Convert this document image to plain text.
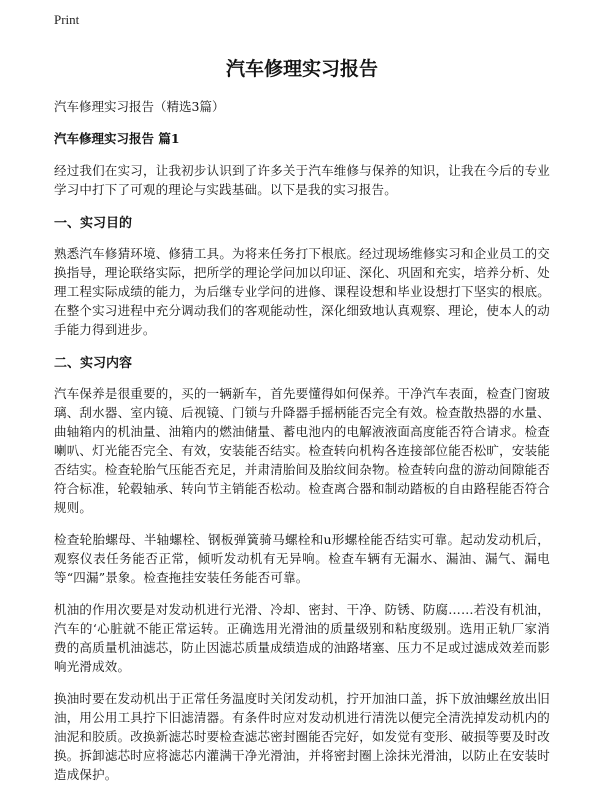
Print
汽车修理实习报告
汽车修理实习报告（精选3篇）
汽车修理实习报告 篇1

经过我们在实习，让我初步认识到了许多关于汽车维修与保养的知识，让我在今后的专业学习中打下了可观的理论与实践基础。以下是我的实习报告。

一、实习目的

熟悉汽车修猜环境、修猜工具。为将来任务打下根底。经过现场维修实习和企业员工的交换指导，理论联络实际，把所学的理论学问加以印证、深化、巩固和充实，培养分析、处理工程实际成绩的能力，为后继专业学问的进修、课程设想和毕业设想打下坚实的根底。在整个实习进程中充分调动我们的客观能动性，深化细致地认真观察、理论，使本人的动手能力得到进步。

二、实习内容

汽车保养是很重要的，买的一辆新车，首先要懂得如何保养。干净汽车表面，检查门窗玻璃、刮水器、室内镜、后视镜、门锁与升降器手摇柄能否完全有效。检查散热器的水量、曲轴箱内的机油量、油箱内的燃油储量、蓄电池内的电解液液面高度能否符合请求。检查喇叭、灯光能否完全、有效，安装能否结实。检查转向机构各连接部位能否松旷，安装能否结实。检查轮胎气压能否充足，并肃清胎间及胎纹间杂物。检查转向盘的游动间隙能否符合标准，轮毂轴承、转向节主销能否松动。检查离合器和制动踏板的自由路程能否符合规则。

检查轮胎螺母、半轴螺栓、钢板弹簧骑马螺栓和u形螺栓能否结实可靠。起动发动机后，观察仪表任务能否正常，倾听发动机有无异响。检查车辆有无漏水、漏油、漏气、漏电等“四漏”景象。检查拖挂安装任务能否可靠。

机油的作用次要是对发动机进行光滑、冷却、密封、干净、防锈、防腐……若没有机油，汽车的‘心脏就不能正常运转。正确选用光滑油的质量级别和粘度级别。选用正轨厂家消费的高质量机油滤芯，防止因滤芯质量成绩造成的油路堵塞、压力不足或过滤成效差而影响光滑成效。

换油时要在发动机出于正常任务温度时关闭发动机，拧开加油口盖，拆下放油螺丝放出旧油，用公用工具拧下旧滤清器。有条件时应对发动机进行清洗以便完全清洗掉发动机内的油泥和胶质。改换新滤芯时要检查滤芯密封圈能否完好，如发觉有变形、破损等要及时改换。拆卸滤芯时应将滤芯内灌满干净光滑油，并将密封圈上涂抹光滑油，以防止在安装时造成保护。
